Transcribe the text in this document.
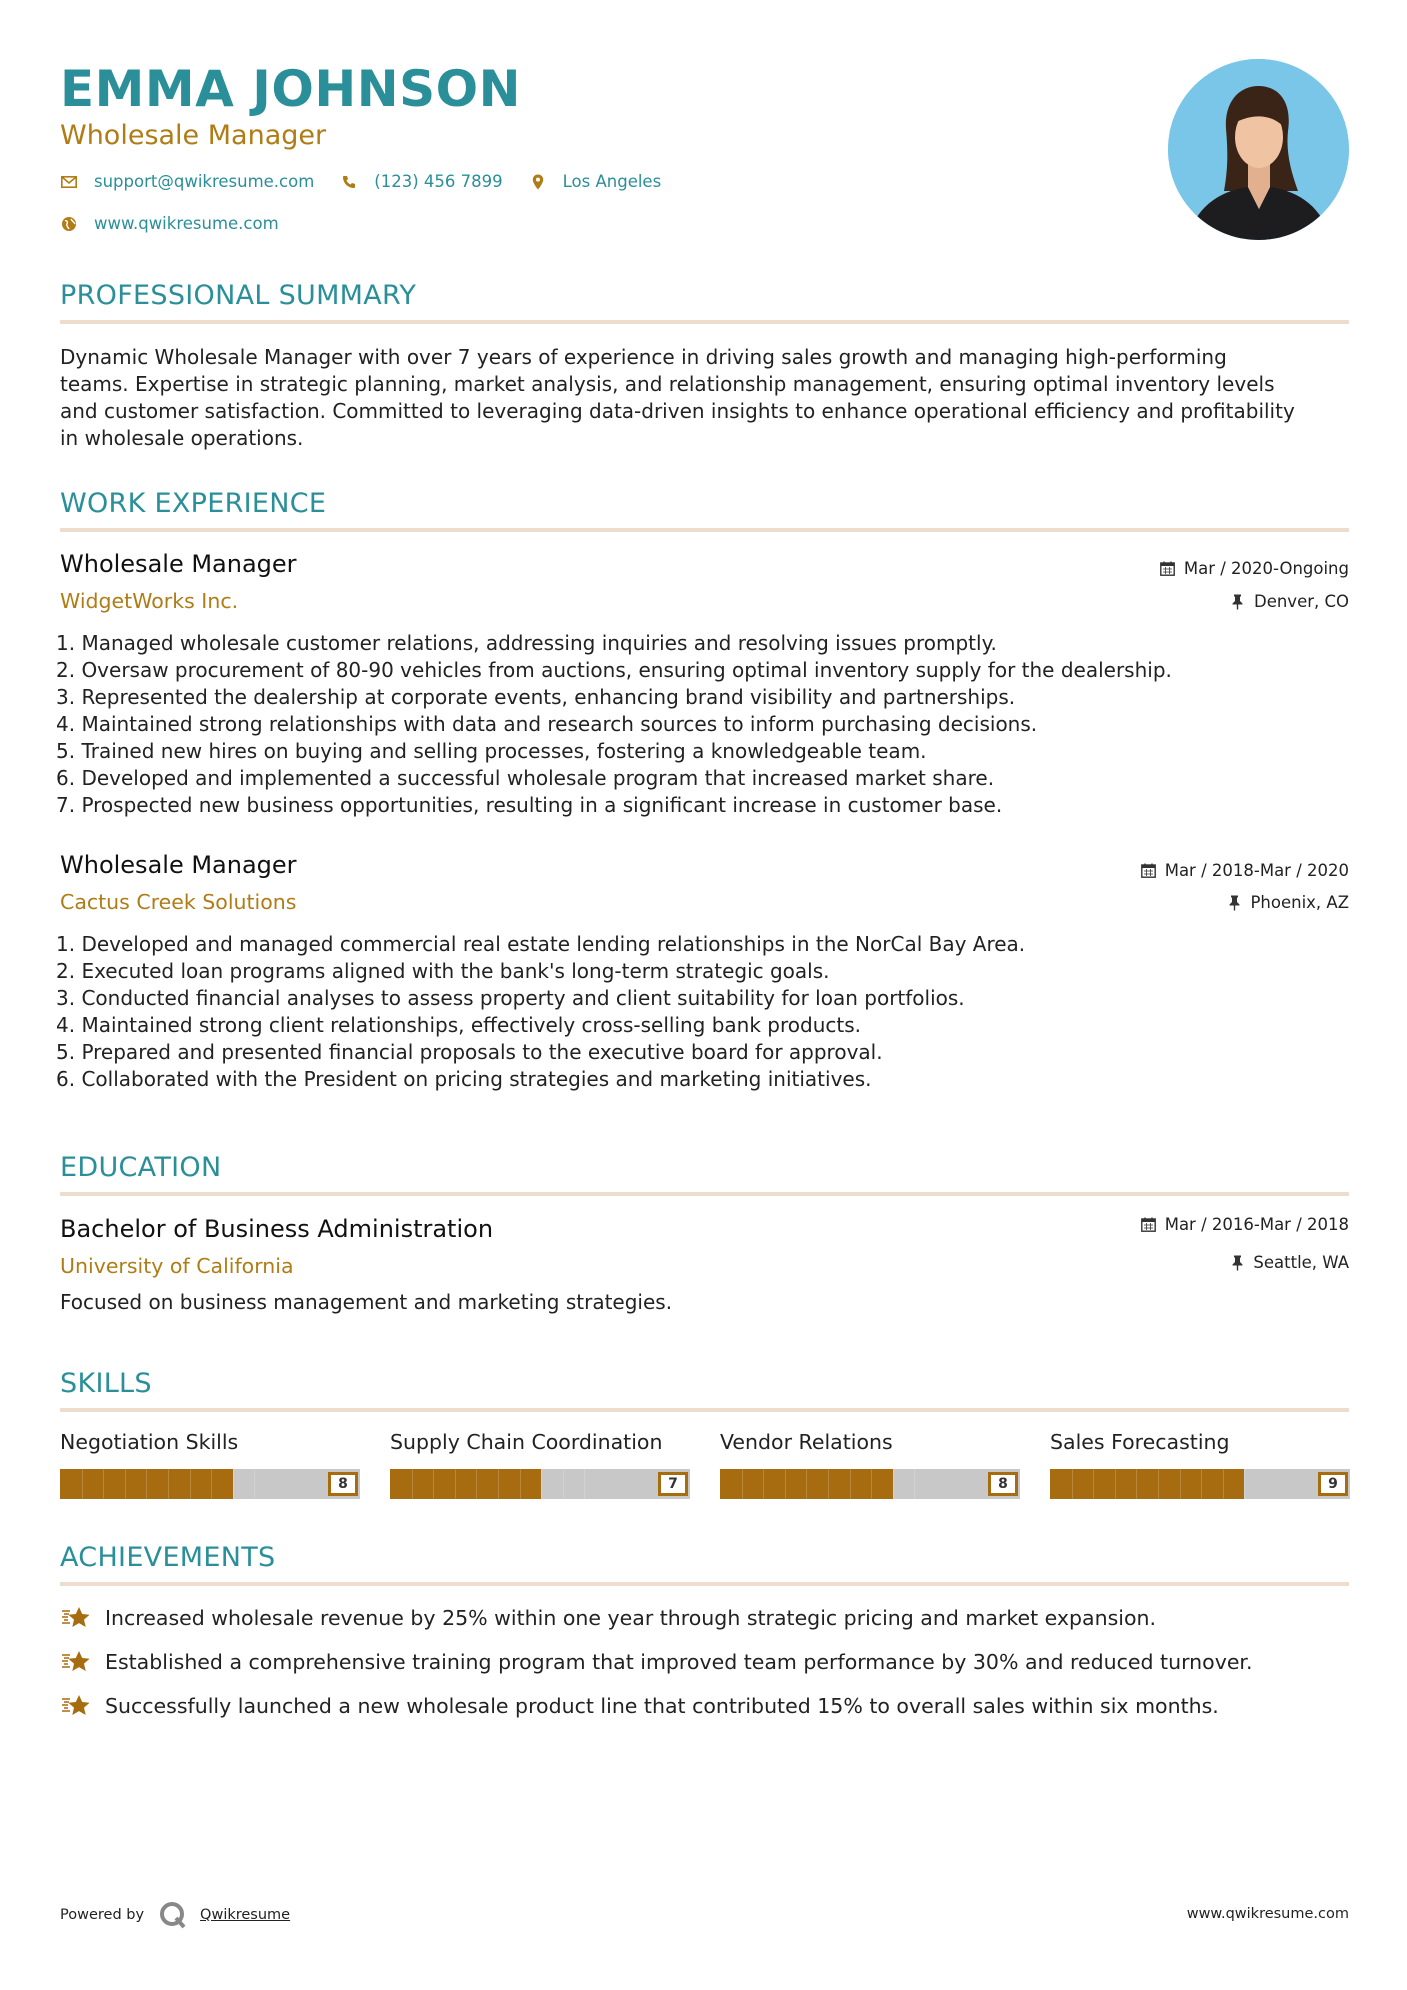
EMMA JOHNSON
Wholesale Manager
support@qwikresume.com	(123) 456 7899	Los Angeles
www.qwikresume.com
PROFESSIONAL SUMMARY
Dynamic Wholesale Manager with over 7 years of experience in driving sales growth and managing high-performing
teams. Expertise in strategic planning, market analysis, and relationship management, ensuring optimal inventory levels
and customer satisfaction. Committed to leveraging data-driven insights to enhance operational efficiency and profitability
in wholesale operations.
WORK EXPERIENCE
Wholesale Manager
WidgetWorks Inc.
Mar / 2020-Ongoing
Denver, CO
1. Managed wholesale customer relations, addressing inquiries and resolving issues promptly.
2. Oversaw procurement of 80-90 vehicles from auctions, ensuring optimal inventory supply for the dealership.
3. Represented the dealership at corporate events, enhancing brand visibility and partnerships.
4. Maintained strong relationships with data and research sources to inform purchasing decisions.
5. Trained new hires on buying and selling processes, fostering a knowledgeable team.
6. Developed and implemented a successful wholesale program that increased market share.
7. Prospected new business opportunities, resulting in a significant increase in customer base.
Wholesale Manager
Cactus Creek Solutions
Mar / 2018-Mar / 2020
Phoenix, AZ
1. Developed and managed commercial real estate lending relationships in the NorCal Bay Area.
2. Executed loan programs aligned with the bank's long-term strategic goals.
3. Conducted financial analyses to assess property and client suitability for loan portfolios.
4. Maintained strong client relationships, effectively cross-selling bank products.
5. Prepared and presented financial proposals to the executive board for approval.
6. Collaborated with the President on pricing strategies and marketing initiatives.
EDUCATION
Bachelor of Business Administration
University of California
Mar / 2016-Mar / 2018
Seattle, WA
Focused on business management and marketing strategies.
SKILLS
Negotiation Skills
8
Supply Chain Coordination
7
Vendor Relations
8
Sales Forecasting
9
ACHIEVEMENTS
Increased wholesale revenue by 25% within one year through strategic pricing and market expansion.
Established a comprehensive training program that improved team performance by 30% and reduced turnover.
Successfully launched a new wholesale product line that contributed 15% to overall sales within six months.
Powered by	Qwikresume	www.qwikresume.com
